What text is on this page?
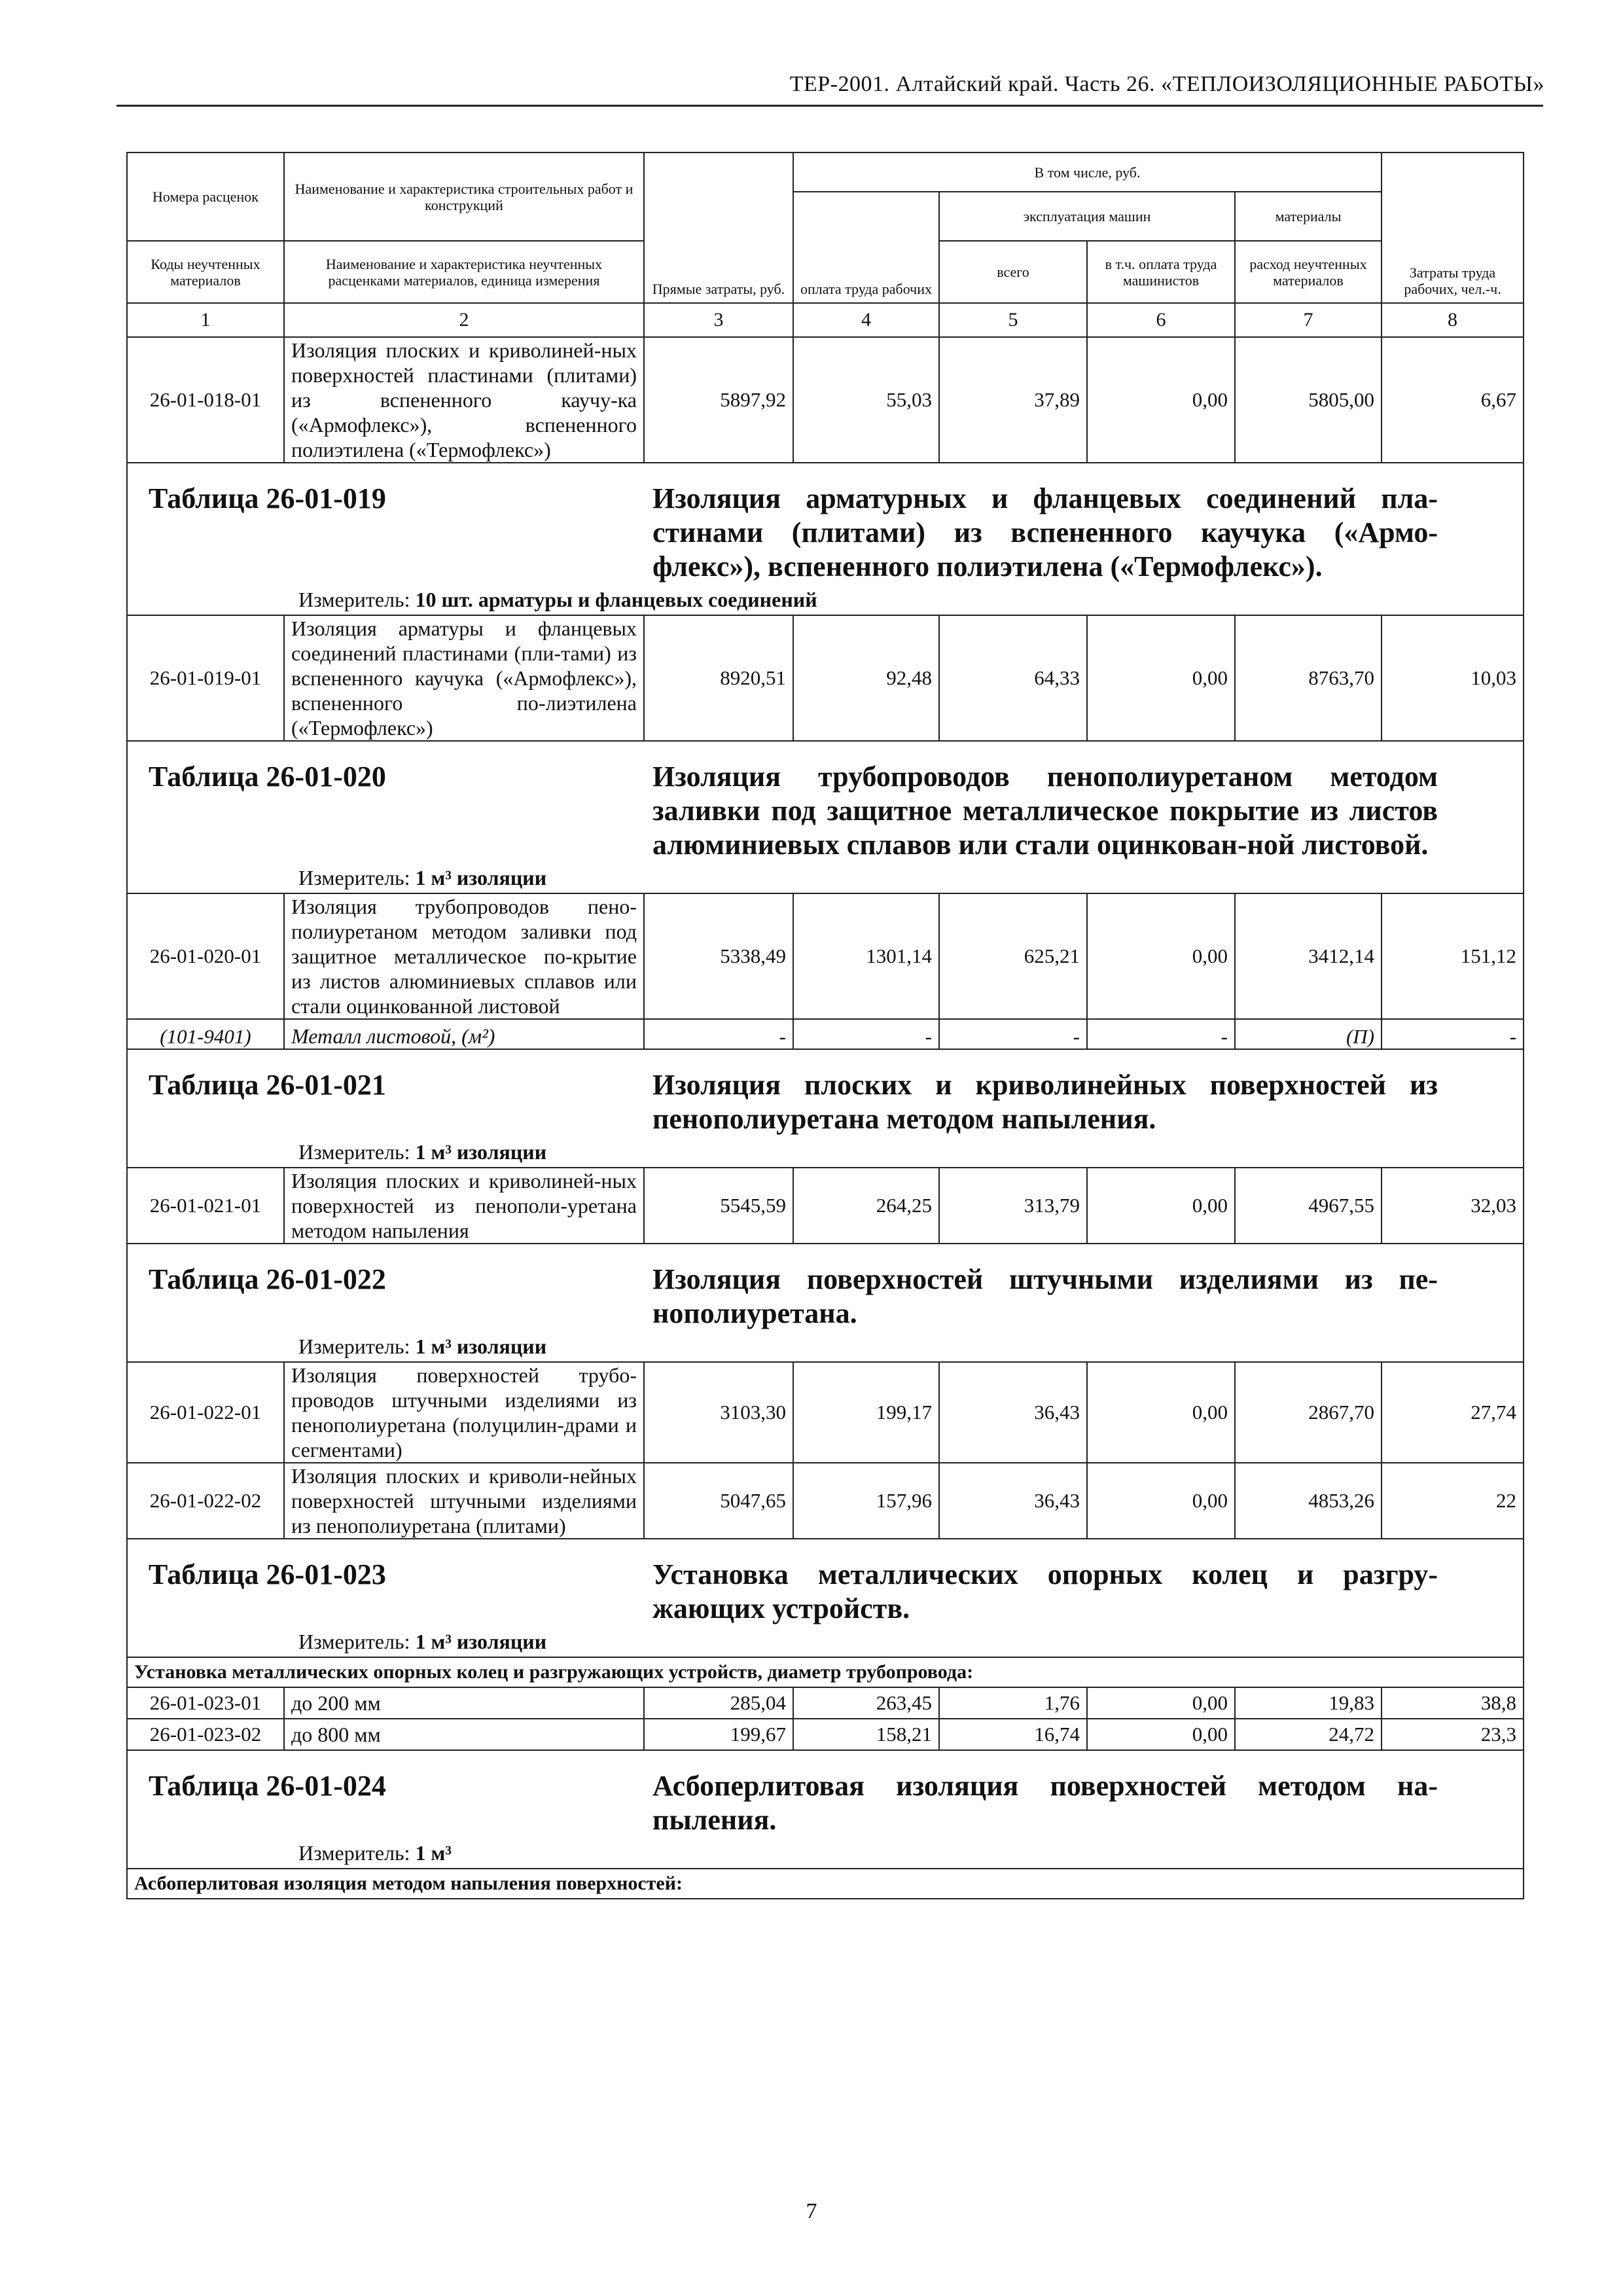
ТЕР-2001. Алтайский край. Часть 26. «ТЕПЛОИЗОЛЯЦИОННЫЕ РАБОТЫ»
Номера расценок	Наименование и характеристика строительных работ и конструкций	Прямые затраты, руб.	В том числе, руб.				Затраты труда рабочих, чел.-ч.
			оплата труда рабочих	эксплуатация машин		материалы	
Коды неучтенных материалов	Наименование и характеристика неучтенных расценками материалов, единица измерения			всего	в т.ч. оплата труда машинистов	расход неучтенных материалов	
1	2	3	4	5	6	7	8
26-01-018-01	Изоляция плоских и криволиней-ных поверхностей пластинами (плитами) из вспененного каучу-ка («Армофлекс»), вспененного полиэтилена («Термофлекс»)	5897,92	55,03	37,89	0,00	5805,00	6,67

Таблица 26-01-019 Изоляция арматурных и фланцевых соединений пла-стинами (плитами) из вспененного каучука («Армо-флекс»), вспененного полиэтилена («Термофлекс»).
Измеритель: 10 шт. арматуры и фланцевых соединений							

26-01-019-01	Изоляция арматуры и фланцевых соединений пластинами (пли-тами) из вспененного каучука («Армофлекс»), вспененного по-лиэтилена («Термофлекс»)	8920,51	92,48	64,33	0,00	8763,70	10,03

Таблица 26-01-020 Изоляция трубопроводов пенополиуретаном методом заливки под защитное металлическое покрытие из листов алюминиевых сплавов или стали оцинкован-ной листовой.
Измеритель: 1 м³ изоляции							

26-01-020-01	Изоляция трубопроводов пено-полиуретаном методом заливки под защитное металлическое по-крытие из листов алюминиевых сплавов или стали оцинкованной листовой	5338,49	1301,14	625,21	0,00	3412,14	151,12
(101-9401)	Металл листовой, (м²)	-	-	-	-	(П)	-

Таблица 26-01-021 Изоляция плоских и криволинейных поверхностей из пенополиуретана методом напыления.
Измеритель: 1 м³ изоляции							

26-01-021-01	Изоляция плоских и криволиней-ных поверхностей из пенополи-уретана методом напыления	5545,59	264,25	313,79	0,00	4967,55	32,03

Таблица 26-01-022 Изоляция поверхностей штучными изделиями из пе-нополиуретана.
Измеритель: 1 м³ изоляции							

26-01-022-01	Изоляция поверхностей трубо-проводов штучными изделиями из пенополиуретана (полуцилин-драми и сегментами)	3103,30	199,17	36,43	0,00	2867,70	27,74
26-01-022-02	Изоляция плоских и криволи-нейных поверхностей штучными изделиями из пенополиуретана (плитами)	5047,65	157,96	36,43	0,00	4853,26	22

Таблица 26-01-023 Установка металлических опорных колец и разгру-жающих устройств.
Измеритель: 1 м³ изоляции							

Установка металлических опорных колец и разгружающих устройств, диаметр трубопровода:							
26-01-023-01	до 200 мм	285,04	263,45	1,76	0,00	19,83	38,8
26-01-023-02	до 800 мм	199,67	158,21	16,74	0,00	24,72	23,3

Таблица 26-01-024 Асбоперлитовая изоляция поверхностей методом на-пыления.
Измеритель: 1 м³							

Асбоперлитовая изоляция методом напыления поверхностей:							
7
